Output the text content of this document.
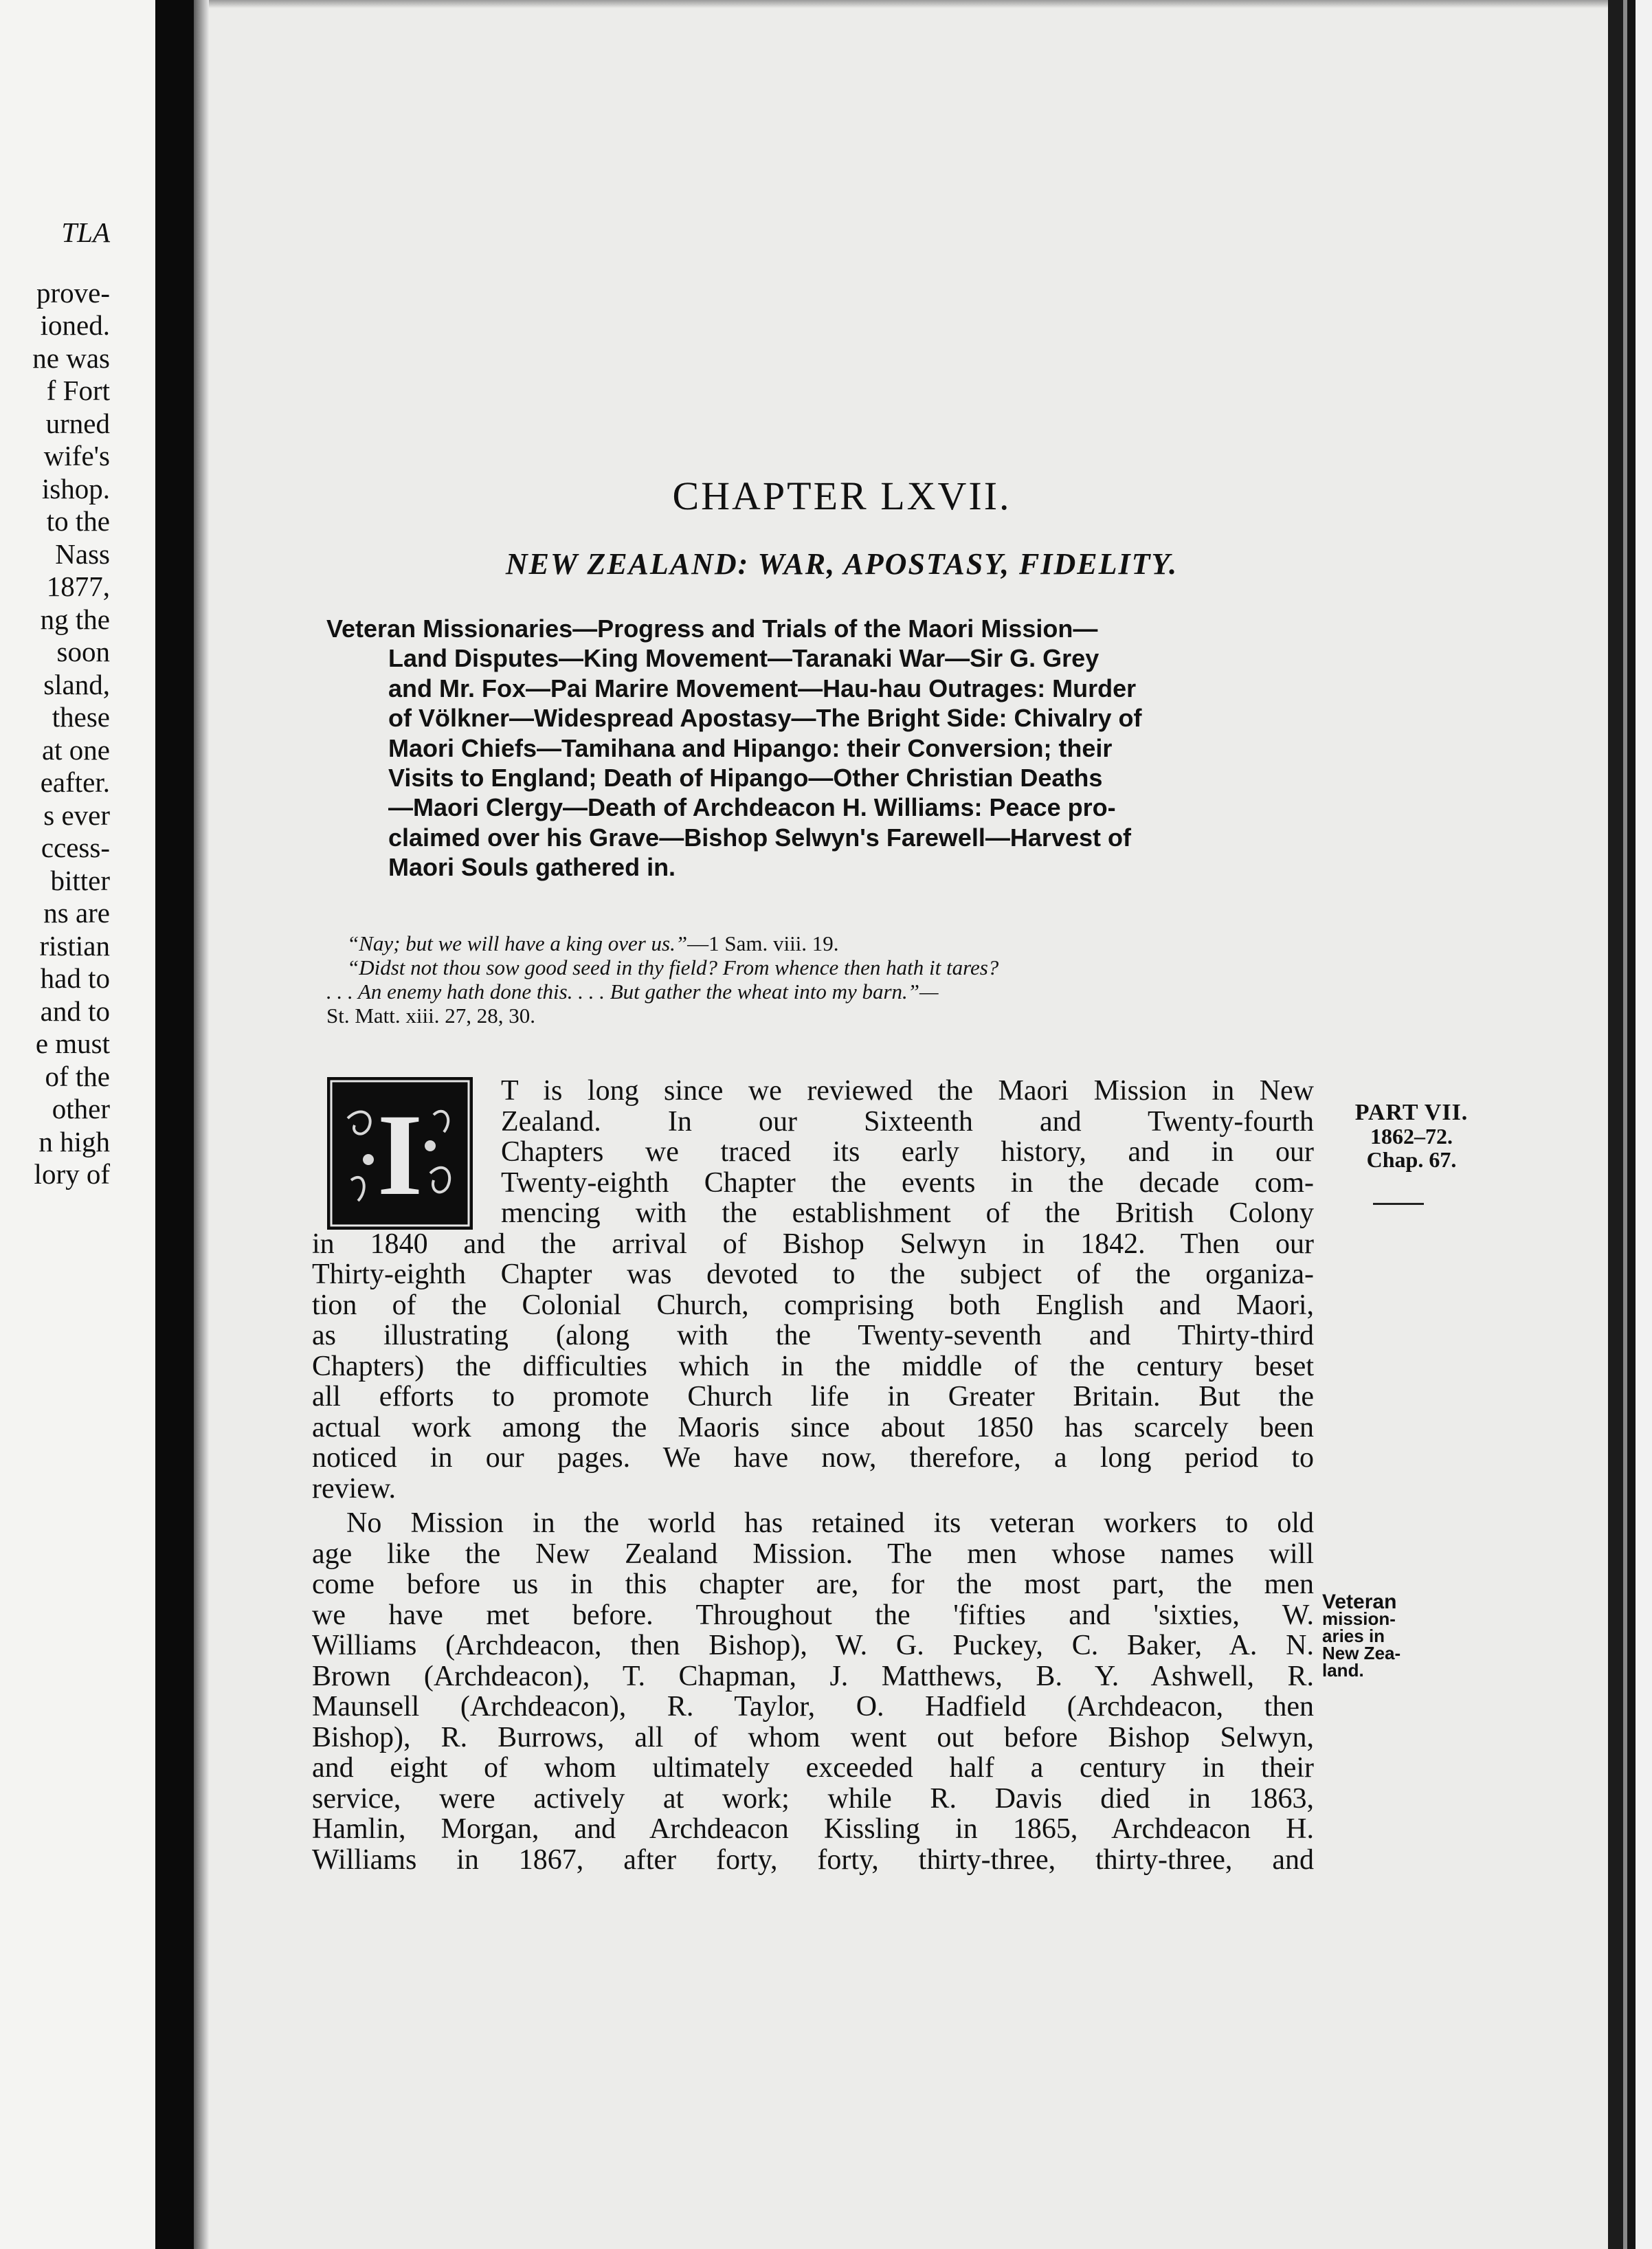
TLA
prove-
ioned.
ne was
f Fort
urned
wife's
ishop.
to the
Nass
1877,
ng the
soon
sland,
these
at one
eafter.
s ever
ccess-
bitter
ns are
ristian
had to
and to
e must
of the
other
n high
lory of
CHAPTER LXVII.
NEW ZEALAND: WAR, APOSTASY, FIDELITY.
Veteran Missionaries—Progress and Trials of the Maori Mission—
Land Disputes—King Movement—Taranaki War—Sir G. Grey
and Mr. Fox—Pai Marire Movement—Hau-hau Outrages: Murder
of Völkner—Widespread Apostasy—The Bright Side: Chivalry of
Maori Chiefs—Tamihana and Hipango: their Conversion; their
Visits to England; Death of Hipango—Other Christian Deaths
—Maori Clergy—Death of Archdeacon H. Williams: Peace pro-
claimed over his Grave—Bishop Selwyn's Farewell—Harvest of
Maori Souls gathered in.
“Nay; but we will have a king over us.”—1 Sam. viii. 19.
“Didst not thou sow good seed in thy field? From whence then hath it tares?
. . . An enemy hath done this. . . . But gather the wheat into my barn.”—
St. Matt. xiii. 27, 28, 30.
I	T is long since we reviewed the Maori Mission in New
Zealand. In our Sixteenth and Twenty-fourth
Chapters we traced its early history, and in our
Twenty-eighth Chapter the events in the decade com-
mencing with the establishment of the British Colony
in 1840 and the arrival of Bishop Selwyn in 1842. Then our
Thirty-eighth Chapter was devoted to the subject of the organiza-
tion of the Colonial Church, comprising both English and Maori,
as illustrating (along with the Twenty-seventh and Thirty-third
Chapters) the difficulties which in the middle of the century beset
all efforts to promote Church life in Greater Britain. But the
actual work among the Maoris since about 1850 has scarcely been
noticed in our pages. We have now, therefore, a long period to
review.
No Mission in the world has retained its veteran workers to old
age like the New Zealand Mission. The men whose names will
come before us in this chapter are, for the most part, the men
we have met before. Throughout the 'fifties and 'sixties, W.
Williams (Archdeacon, then Bishop), W. G. Puckey, C. Baker, A. N.
Brown (Archdeacon), T. Chapman, J. Matthews, B. Y. Ashwell, R.
Maunsell (Archdeacon), R. Taylor, O. Hadfield (Archdeacon, then
Bishop), R. Burrows, all of whom went out before Bishop Selwyn,
and eight of whom ultimately exceeded half a century in their
service, were actively at work; while R. Davis died in 1863,
Hamlin, Morgan, and Archdeacon Kissling in 1865, Archdeacon H.
Williams in 1867, after forty, forty, thirty-three, thirty-three, and
PART VII.
1862–72.
Chap. 67.
Veteran
mission-
aries in
New Zea-
land.
